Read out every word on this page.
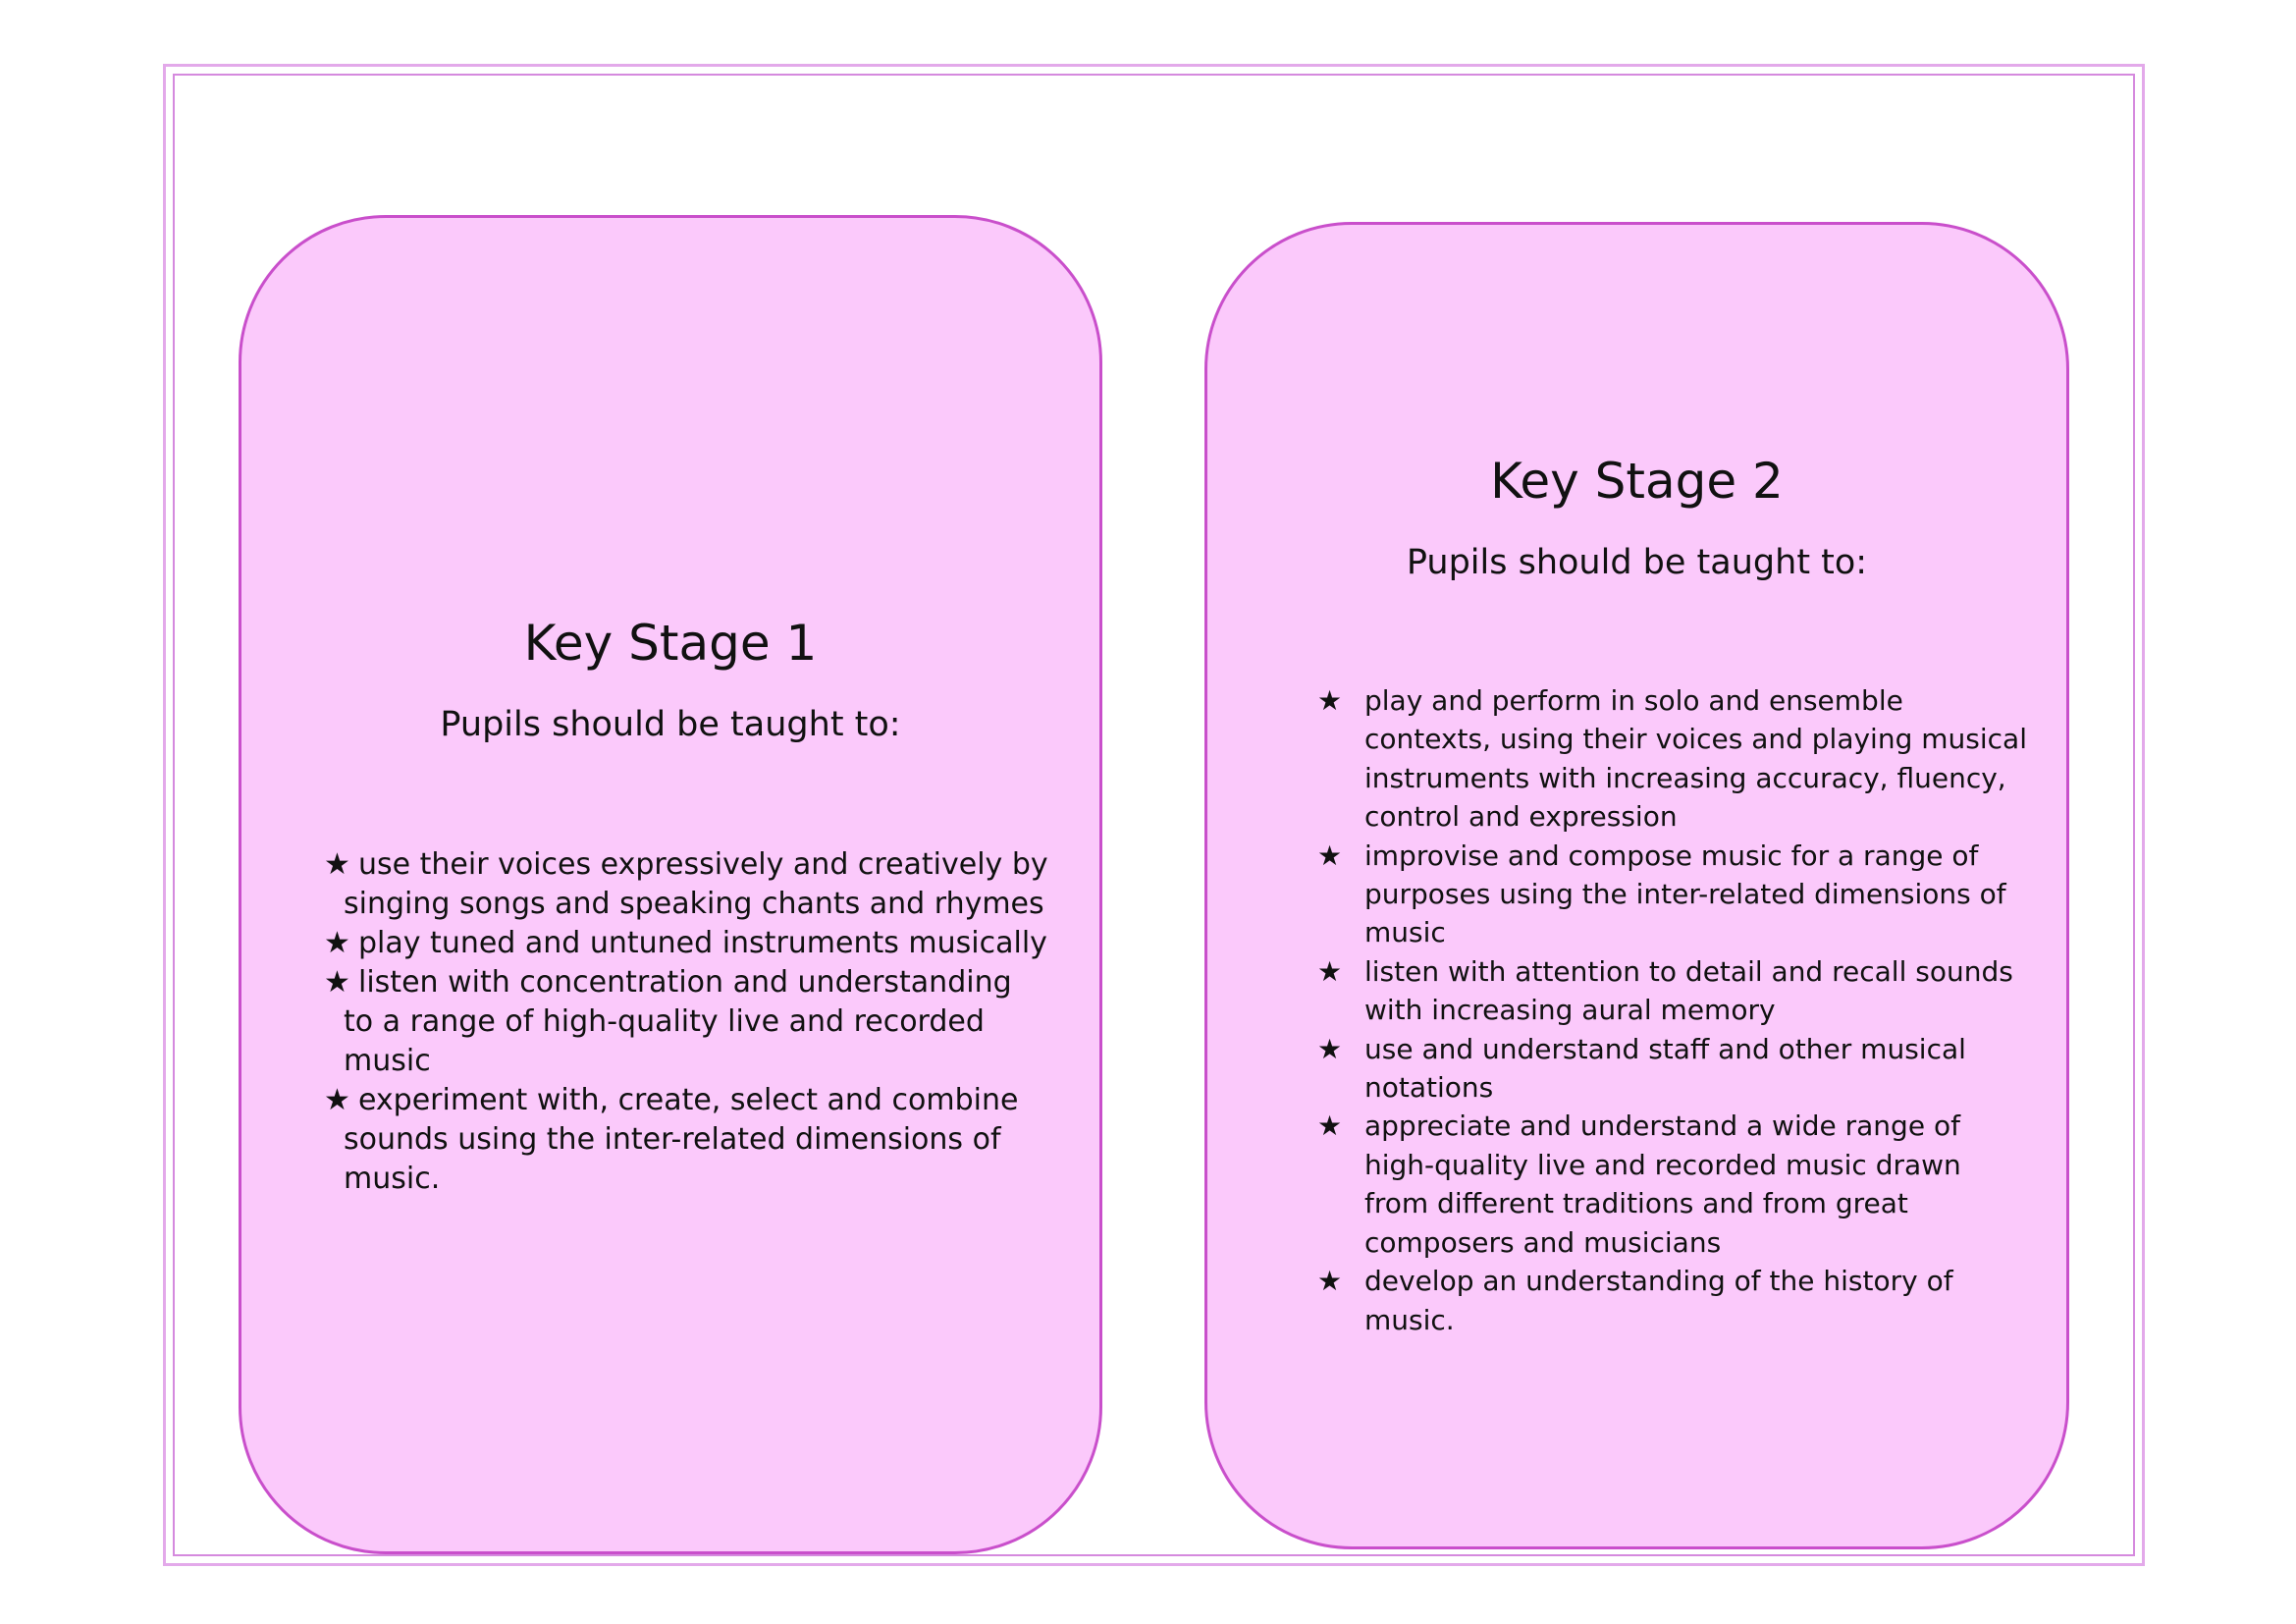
Key Stage 1

Pupils should be taught to:

★ use their voices expressively and creatively by singing songs and speaking chants and rhymes
★ play tuned and untuned instruments musically
★ listen with concentration and understanding to a range of high-quality live and recorded music
★ experiment with, create, select and combine sounds using the inter-related dimensions of music.
Key Stage 2

Pupils should be taught to:

★ play and perform in solo and ensemble contexts, using their voices and playing musical instruments with increasing accuracy, fluency, control and expression
★ improvise and compose music for a range of purposes using the inter-related dimensions of music
★ listen with attention to detail and recall sounds with increasing aural memory
★ use and understand staff and other musical notations
★ appreciate and understand a wide range of high-quality live and recorded music drawn from different traditions and from great composers and musicians
★ develop an understanding of the history of music.
